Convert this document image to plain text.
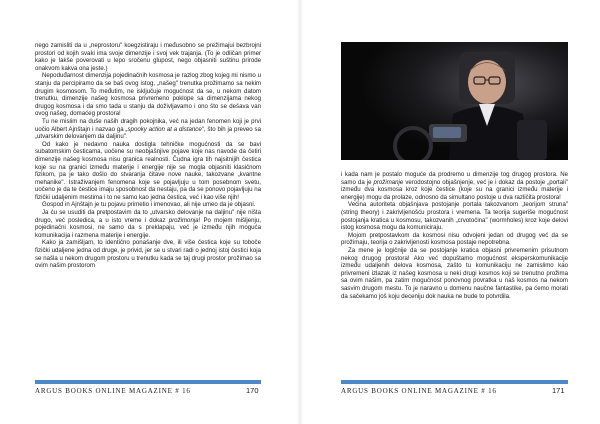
nego zamisliti da u „neprostoru" koegzistiraju i međusobno se prežimajui bezbrojni prostori od kojih svaki ima svoje dimenzije i svoj vek trajanja. (To je odličan primer kako je lakše poverovati u lepo sročenu glupost, nego objasniti suštinu prirode onakvom kakva ona jeste.)

Nepoduđarnost dimenzija pojedinačnih kosmosa je razlog zbog kojeg mi nismo u stanju da percipiramo da se baš ovog istog, „našeg" trenutka prožimamo sa nekim drugim kosmosom. To međutim, ne isključuje mogućnost da se, u nekom datom trenutku, dimenzije našeg kosmosa privremeno poklope sa dimenzijama nekog drugog kosmosa i da smo tada u stanju da doživljavamo i ono što se dešava van ovog našeg, domaćeg prostora!

Tu ne mislim na duše naših dragih pokojnika, već na jedan fenomen koji je prvi uočio Albert Ajnštajn i nazvao ga „spooky action at a distance", što bih ja preveo sa „utvarskim delovanjem da daljinu".

Od kako je nedavno nauka dostigla tehničke mogućnosti da se bavi subatomskim česticama, uočene su neobjašnjive pojave koje nas navode da četiri dimenzije našeg kosmosa nisu granica realnosti. Čudna igra tih najsitnijih čestica koje su na granici između materije i energije nije se mogla objasniti klasičnom fizikom, pa je tako došlo do stvaranja čitave nove nauke, takozvane „kvantne mehanike". Istraživanjem fenomena koje se pojavljuju u tom posebnom svetu, uočeno je da te čestice imaju sposobnost da nestaju, pa da se ponovo pojavljuju na fizički udaljenim mestima i to ne samo kao jedna čestica, već i kao više njih!

Gospod in Ajnštajn je tu pojavu primetio i imenovao, ali nije umeo da je objasni.

Ja ću se usuditi da pretpostavim da to „utvarsko delovanje na daljinu" nije ništa drugo, već posledica, a u isto vreme i dokaz prožimonja! Po mojem mišljenju, pojedinačni kosmosi, ne samo da s preklapaju, već je između njih moguća komunikacija i razmena materije i energije.

Kako ja zamišljam, to identično ponašanje dve, ili više čestica koje su toboče fizički udaljene jedna od druge, je privid, jer se u stvari radi o jednoj istoj čestici koja se našla u nekom drugom prostoru u trenutku kada se taj drugi prostor prožimao sa ovim našim prostorom

i kada nam je postalo moguće da prodremo u dimenzije tog drugog prostora. Ne samo da je prožimanje verodostojno objašnjenje, već je i dokaz da postoje „portali" između dva kosmosa kroz koje čestice (koje su na granici između materije i energije) mogu da prolaze, odnosno da simultano postoje u dva različita prostora!

Većina autoriteta objašnjava postojanje portala takozvanom „teorijom struna" (string theory) i zakrivljenošću prostora i vremena. Ta teorija sugeriše mogućnost postojanja kratica u kosmosu, takozvanih „crvotočina" (wormholes) kroz koje delovi istog kosmosa mogu da komuniciraju.

Mojom pretpostavkom da kosmosi nisu odvojeni jedan od drugog već da se prožimaju, teorija o zakrivljenosti kosmosa postaje nepotrebna.

Za mene je logičnije da se postojanje kratica objasni privremenim prisutnom nekog drugog prostora! Ako već dopuštamo mogućnost eksperskomunikacije između udaljenih delova kosmosa, zašto tu komunikaciju ne zamislimo kao privremeni izlazak iz našeg kosmosa u neki drugi kosmos koji se trenutno prožima sa ovim našim, pa zatim mogućnost ponovnog povratka u naš kosmos na nekom sasvim drugom mestu. To je naravno u domenu naučne fantastike, pa ćemo morati da sačekamo još koju deceniju dok nauka ne bude to potvrdila.

ARGUS BOOKS ONLINE MAGAZINE # 16	170	ARGUS BOOKS ONLINE MAGAZINE # 16	171
